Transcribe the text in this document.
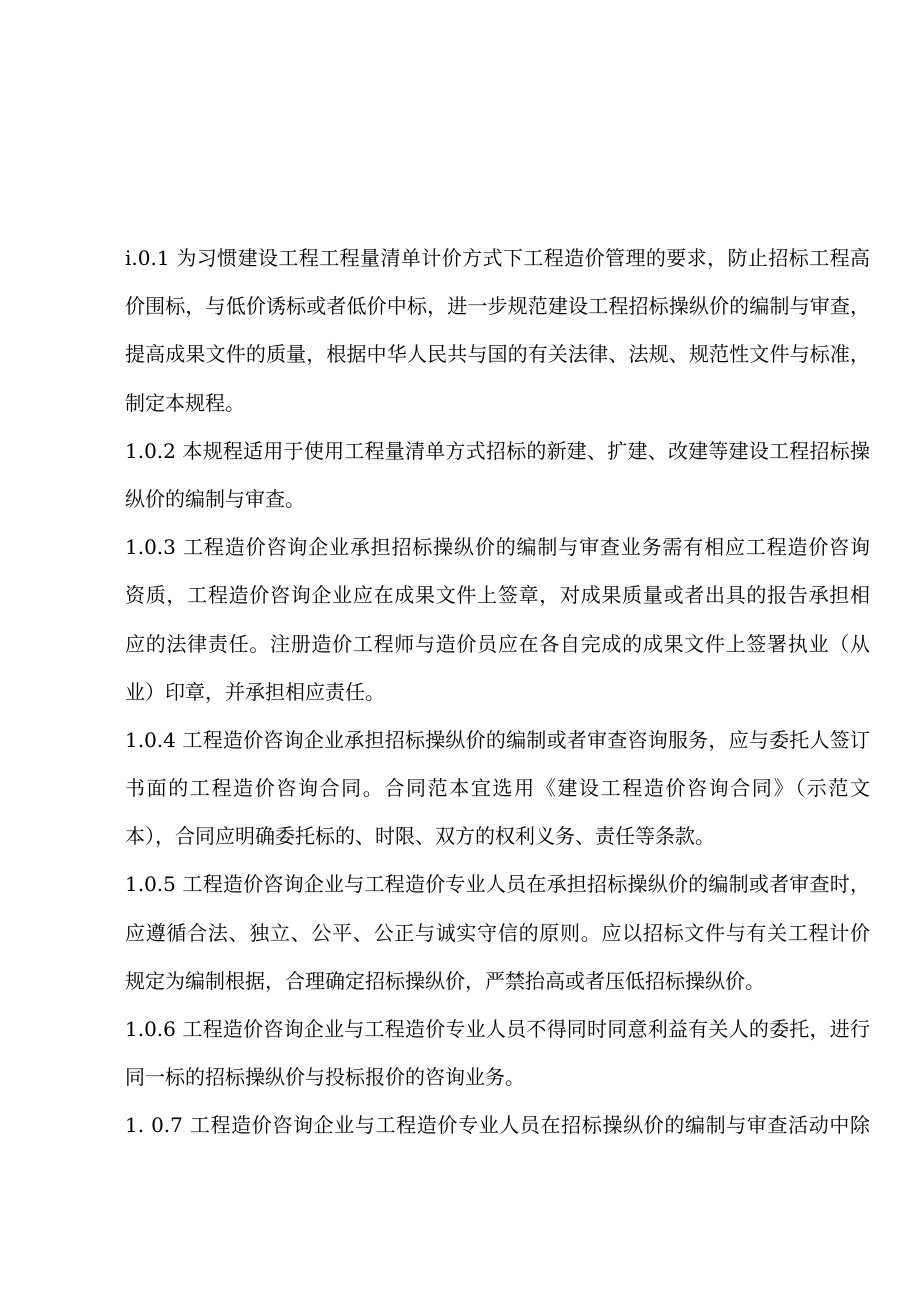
i.0.1 为习惯建设工程工程量清单计价方式下工程造价管理的要求，防止招标工程高
价围标，与低价诱标或者低价中标，进一步规范建设工程招标操纵价的编制与审查，
提高成果文件的质量，根据中华人民共与国的有关法律、法规、规范性文件与标准，
制定本规程。
1.0.2 本规程适用于使用工程量清单方式招标的新建、扩建、改建等建设工程招标操
纵价的编制与审查。
1.0.3 工程造价咨询企业承担招标操纵价的编制与审查业务需有相应工程造价咨询
资质，工程造价咨询企业应在成果文件上签章，对成果质量或者出具的报告承担相
应的法律责任。注册造价工程师与造价员应在各自完成的成果文件上签署执业（从
业）印章，并承担相应责任。
1.0.4 工程造价咨询企业承担招标操纵价的编制或者审查咨询服务，应与委托人签订
书面的工程造价咨询合同。合同范本宜选用《建设工程造价咨询合同》（示范文
本），合同应明确委托标的、时限、双方的权利义务、责任等条款。
1.0.5 工程造价咨询企业与工程造价专业人员在承担招标操纵价的编制或者审查时，
应遵循合法、独立、公平、公正与诚实守信的原则。应以招标文件与有关工程计价
规定为编制根据，合理确定招标操纵价，严禁抬高或者压低招标操纵价。
1.0.6 工程造价咨询企业与工程造价专业人员不得同时同意利益有关人的委托，进行
同一标的招标操纵价与投标报价的咨询业务。
1. 0.7 工程造价咨询企业与工程造价专业人员在招标操纵价的编制与审查活动中除
